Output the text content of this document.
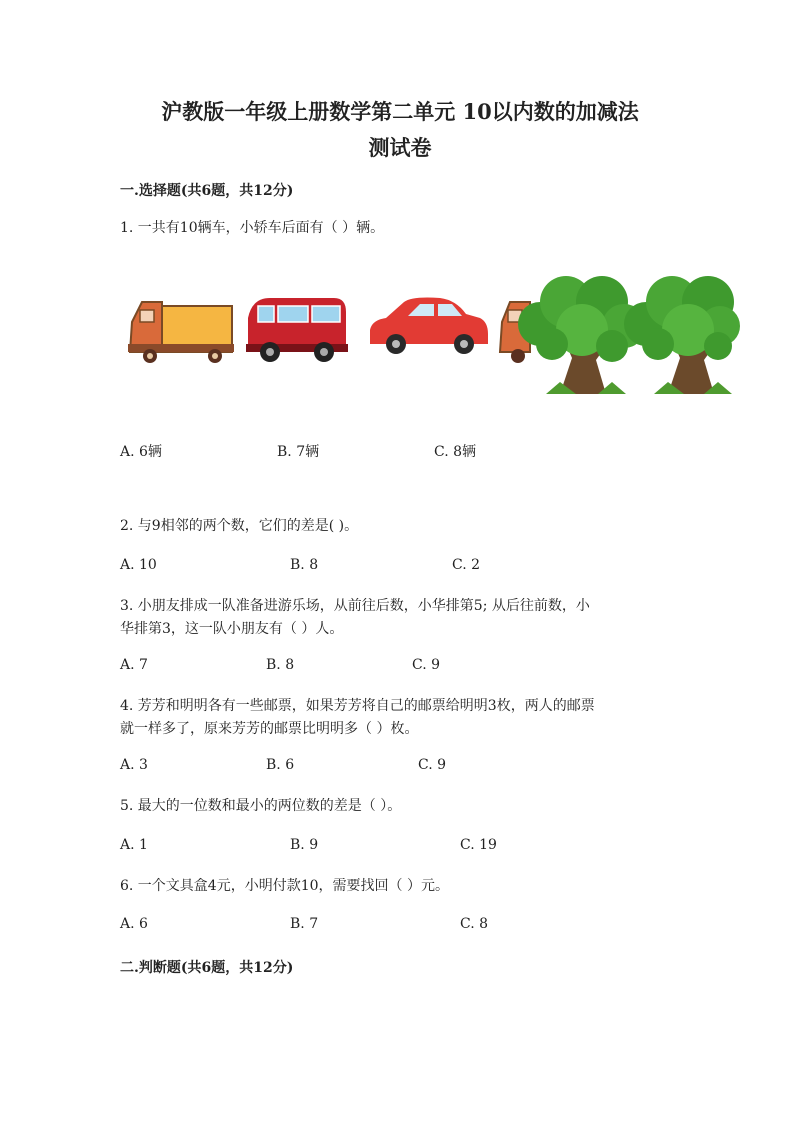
沪教版一年级上册数学第二单元 10以内数的加减法
测试卷
一.选择题(共6题，共12分)
1. 一共有10辆车，小轿车后面有（ ）辆。
A. 6辆	B. 7辆	C. 8辆
2. 与9相邻的两个数，它们的差是( )。
A. 10	B. 8	C. 2
3. 小朋友排成一队准备进游乐场，从前往后数，小华排第5; 从后往前数，小
华排第3，这一队小朋友有（ ）人。
A. 7	B. 8	C. 9
4. 芳芳和明明各有一些邮票，如果芳芳将自己的邮票给明明3枚，两人的邮票
就一样多了，原来芳芳的邮票比明明多（ ）枚。
A. 3	B. 6	C. 9
5. 最大的一位数和最小的两位数的差是（ ）。
A. 1	B. 9	C. 19
6. 一个文具盒4元，小明付款10，需要找回（ ）元。
A. 6	B. 7	C. 8
二.判断题(共6题，共12分)
